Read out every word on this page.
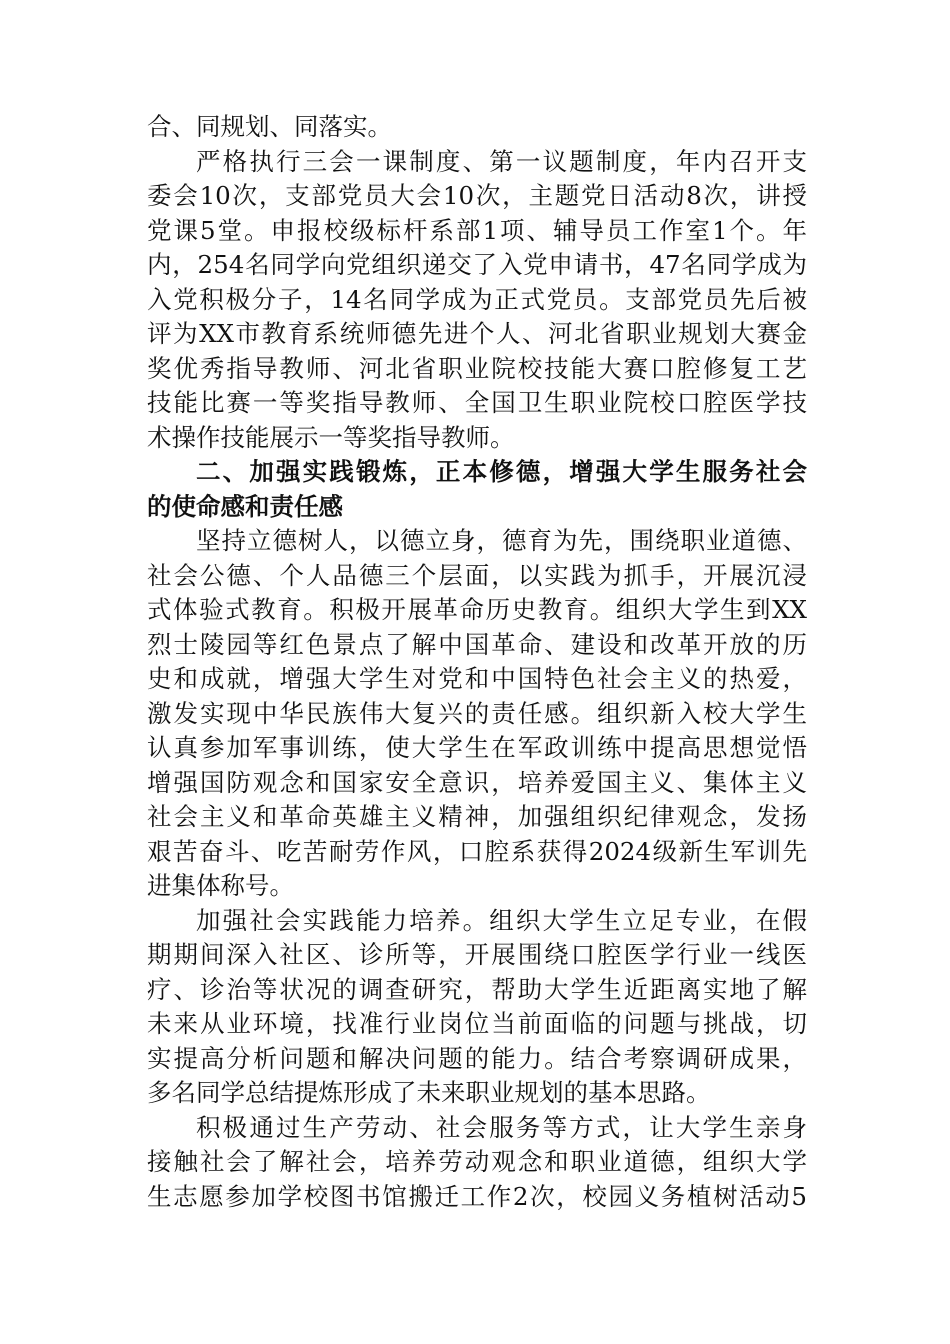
合、同规划、同落实。
严格执行三会一课制度、第一议题制度，年内召开支
委会10次，支部党员大会10次，主题党日活动8次，讲授
党课5堂。申报校级标杆系部1项、辅导员工作室1个。年
内，254名同学向党组织递交了入党申请书，47名同学成为
入党积极分子，14名同学成为正式党员。支部党员先后被
评为XX市教育系统师德先进个人、河北省职业规划大赛金
奖优秀指导教师、河北省职业院校技能大赛口腔修复工艺
技能比赛一等奖指导教师、全国卫生职业院校口腔医学技
术操作技能展示一等奖指导教师。
二、加强实践锻炼，正本修德，增强大学生服务社会
的使命感和责任感
坚持立德树人，以德立身，德育为先，围绕职业道德、
社会公德、个人品德三个层面，以实践为抓手，开展沉浸
式体验式教育。积极开展革命历史教育。组织大学生到XX
烈士陵园等红色景点了解中国革命、建设和改革开放的历
史和成就，增强大学生对党和中国特色社会主义的热爱，
激发实现中华民族伟大复兴的责任感。组织新入校大学生
认真参加军事训练，使大学生在军政训练中提高思想觉悟
增强国防观念和国家安全意识，培养爱国主义、集体主义
社会主义和革命英雄主义精神，加强组织纪律观念，发扬
艰苦奋斗、吃苦耐劳作风，口腔系获得2024级新生军训先
进集体称号。
加强社会实践能力培养。组织大学生立足专业，在假
期期间深入社区、诊所等，开展围绕口腔医学行业一线医
疗、诊治等状况的调查研究，帮助大学生近距离实地了解
未来从业环境，找准行业岗位当前面临的问题与挑战，切
实提高分析问题和解决问题的能力。结合考察调研成果，
多名同学总结提炼形成了未来职业规划的基本思路。
积极通过生产劳动、社会服务等方式，让大学生亲身
接触社会了解社会，培养劳动观念和职业道德，组织大学
生志愿参加学校图书馆搬迁工作2次，校园义务植树活动5
